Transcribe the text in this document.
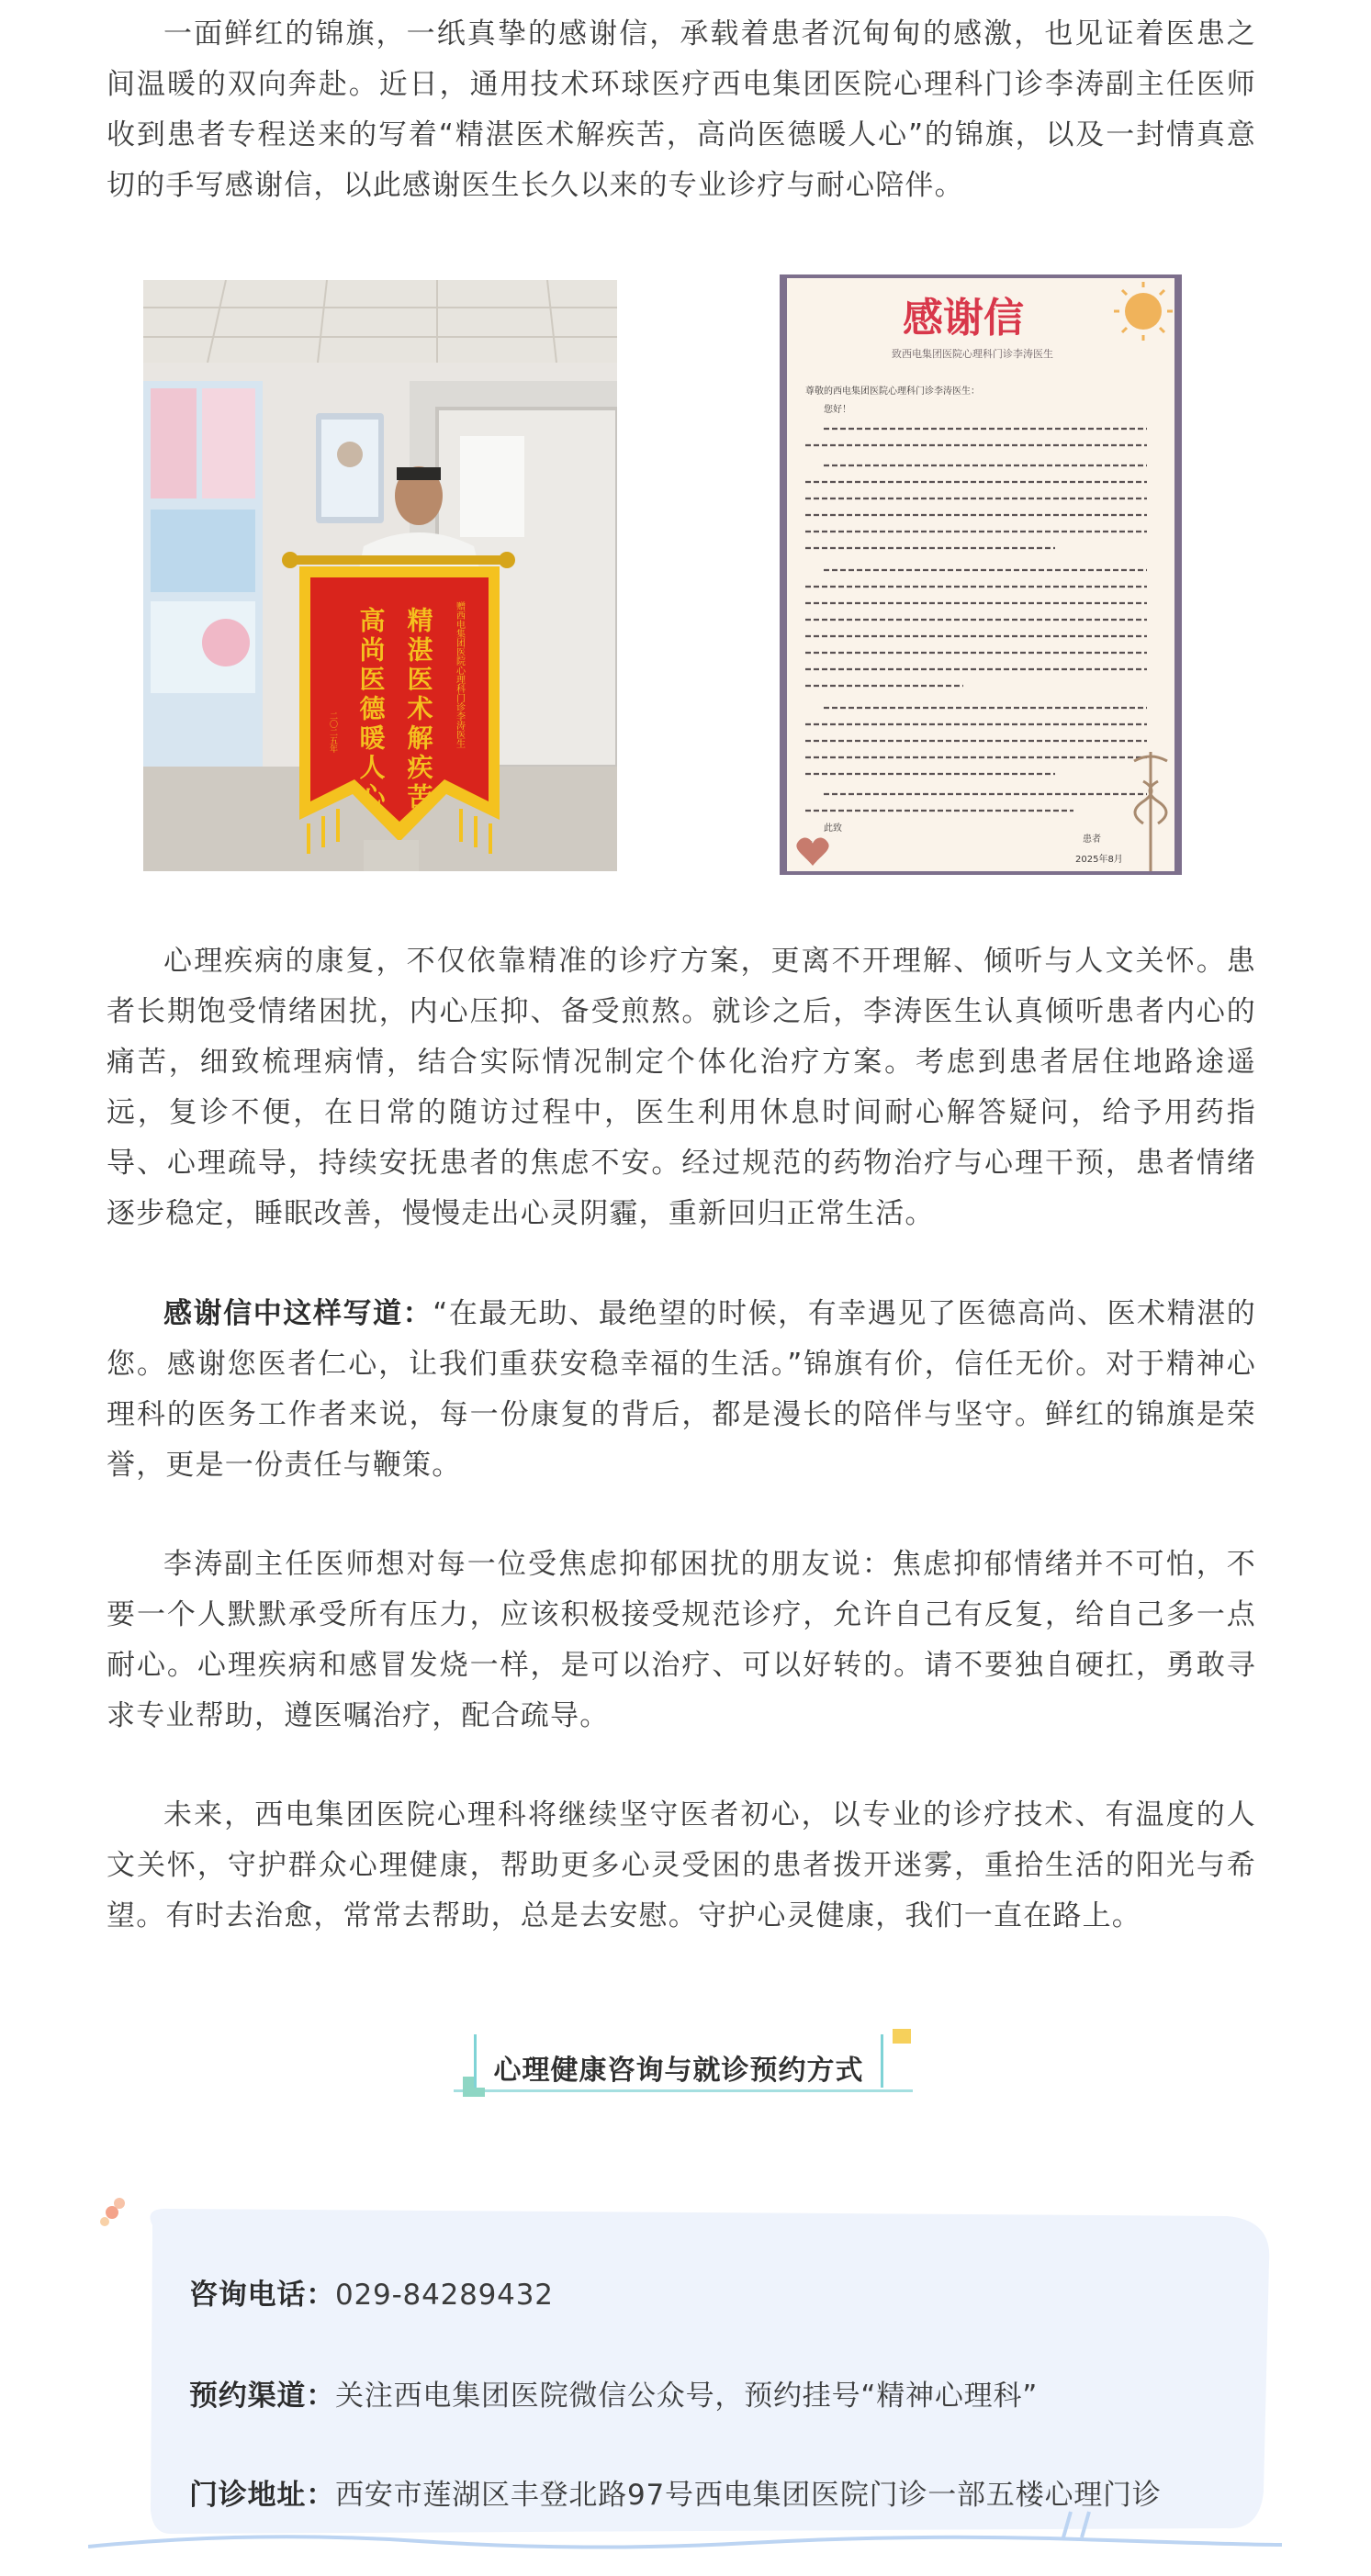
一面鲜红的锦旗，一纸真挚的感谢信，承载着患者沉甸甸的感激，也见证着医患之间温暖的双向奔赴。近日，通用技术环球医疗西电集团医院心理科门诊李涛副主任医师收到患者专程送来的写着“精湛医术解疾苦，高尚医德暖人心”的锦旗，以及一封情真意切的手写感谢信，以此感谢医生长久以来的专业诊疗与耐心陪伴。

赠西电集团医院心理科门诊李涛医生
精湛医术解疾苦
高尚医德暖人心
二〇二五年
感谢信
致西电集团医院心理科门诊李涛医生
尊敬的西电集团医院心理科门诊李涛医生：
您好！
此致
患者
2025年8月

心理疾病的康复，不仅依靠精准的诊疗方案，更离不开理解、倾听与人文关怀。患者长期饱受情绪困扰，内心压抑、备受煎熬。就诊之后，李涛医生认真倾听患者内心的痛苦，细致梳理病情，结合实际情况制定个体化治疗方案。考虑到患者居住地路途遥远，复诊不便，在日常的随访过程中，医生利用休息时间耐心解答疑问，给予用药指导、心理疏导，持续安抚患者的焦虑不安。经过规范的药物治疗与心理干预，患者情绪逐步稳定，睡眠改善，慢慢走出心灵阴霾，重新回归正常生活。

感谢信中这样写道：“在最无助、最绝望的时候，有幸遇见了医德高尚、医术精湛的您。感谢您医者仁心，让我们重获安稳幸福的生活。”锦旗有价，信任无价。对于精神心理科的医务工作者来说，每一份康复的背后，都是漫长的陪伴与坚守。鲜红的锦旗是荣誉，更是一份责任与鞭策。

李涛副主任医师想对每一位受焦虑抑郁困扰的朋友说：焦虑抑郁情绪并不可怕，不要一个人默默承受所有压力，应该积极接受规范诊疗，允许自己有反复，给自己多一点耐心。心理疾病和感冒发烧一样，是可以治疗、可以好转的。请不要独自硬扛，勇敢寻求专业帮助，遵医嘱治疗，配合疏导。

未来，西电集团医院心理科将继续坚守医者初心，以专业的诊疗技术、有温度的人文关怀，守护群众心理健康，帮助更多心灵受困的患者拨开迷雾，重拾生活的阳光与希望。有时去治愈，常常去帮助，总是去安慰。守护心灵健康，我们一直在路上。

心理健康咨询与就诊预约方式
咨询电话：029-84289432
预约渠道：关注西电集团医院微信公众号，预约挂号“精神心理科”
门诊地址：西安市莲湖区丰登北路97号西电集团医院门诊一部五楼心理门诊
